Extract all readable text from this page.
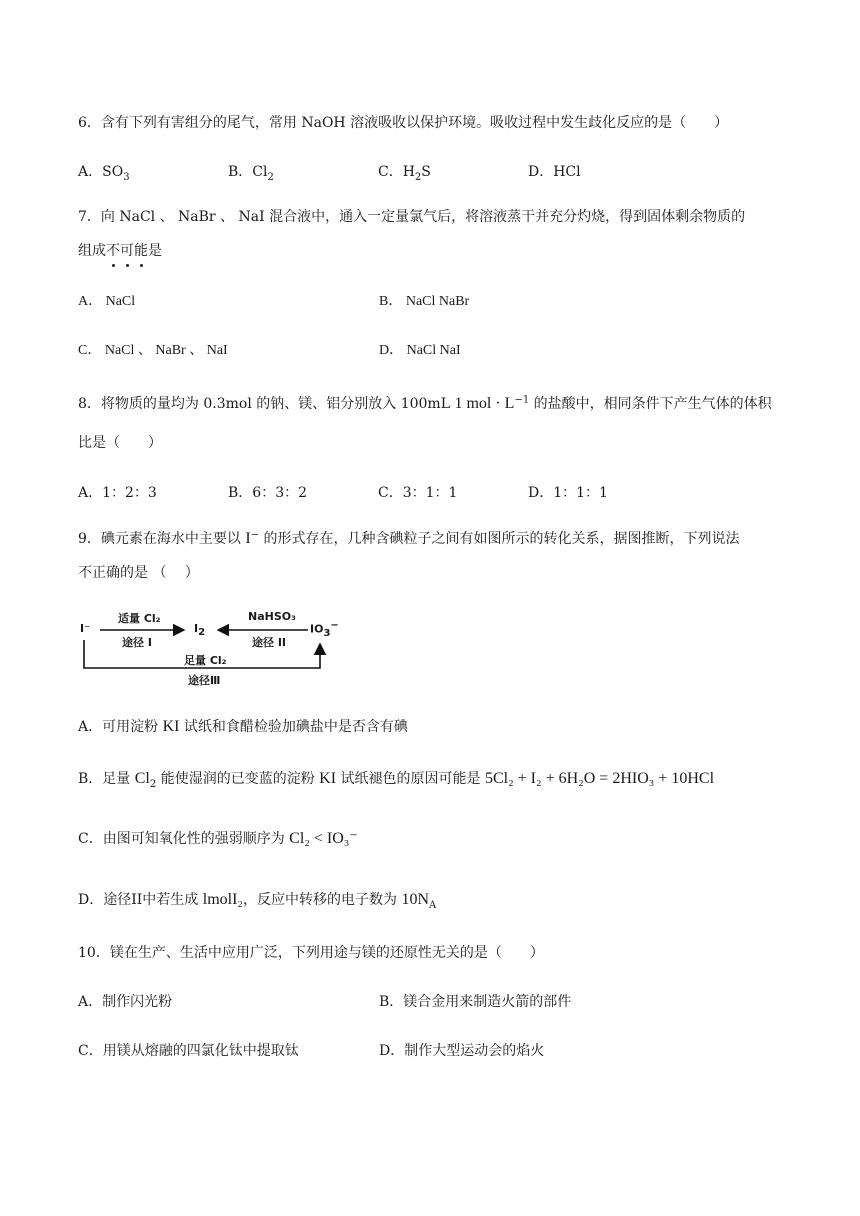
6．含有下列有害组分的尾气，常用 NaOH 溶液吸收以保护环境。吸收过程中发生歧化反应的是（　　）
A．$SO_3$	B．$Cl_2$	C．$H_2S$	D．HCl
7．向 NaCl 、 NaBr 、 NaI 混合液中，通入一定量氯气后，将溶液蒸干并充分灼烧，得到固体剩余物质的
组成不可能是
A． NaCl	B． NaCl NaBr
C． NaCl 、 NaBr 、 NaI	D． NaCl NaI
8．将物质的量均为 0.3mol 的钠、镁、铝分别放入 100mL 1 mol · $L^{-1}$ 的盐酸中，相同条件下产生气体的体积
比是（　　）
A．1：2：3	B．6：3：2	C．3：1：1	D．1：1：1
9．碘元素在海水中主要以 I− 的形式存在，几种含碘粒子之间有如图所示的转化关系，据图推断，下列说法
不正确的是 （　 ）
I⁻	$I_2$	$IO_3^-$
适量 Cl₂
途径 I
NaHSO₃
途径 II
足量 Cl₂
途径Ⅲ
A．可用淀粉 KI 试纸和食醋检验加碘盐中是否含有碘
B．足量 $Cl_2$ 能使湿润的已变蓝的淀粉 KI 试纸褪色的原因可能是 5Cl₂ + I₂ + 6H₂O = 2HIO₃ + 10HCl
C．由图可知氧化性的强弱顺序为 Cl₂ < IO₃⁻
D．途径II中若生成 lmolI₂，反应中转移的电子数为 $10N_A$
10．镁在生产、生活中应用广泛，下列用途与镁的还原性无关的是（　　）
A．制作闪光粉	B．镁合金用来制造火箭的部件
C．用镁从熔融的四氯化钛中提取钛	D．制作大型运动会的焰火
